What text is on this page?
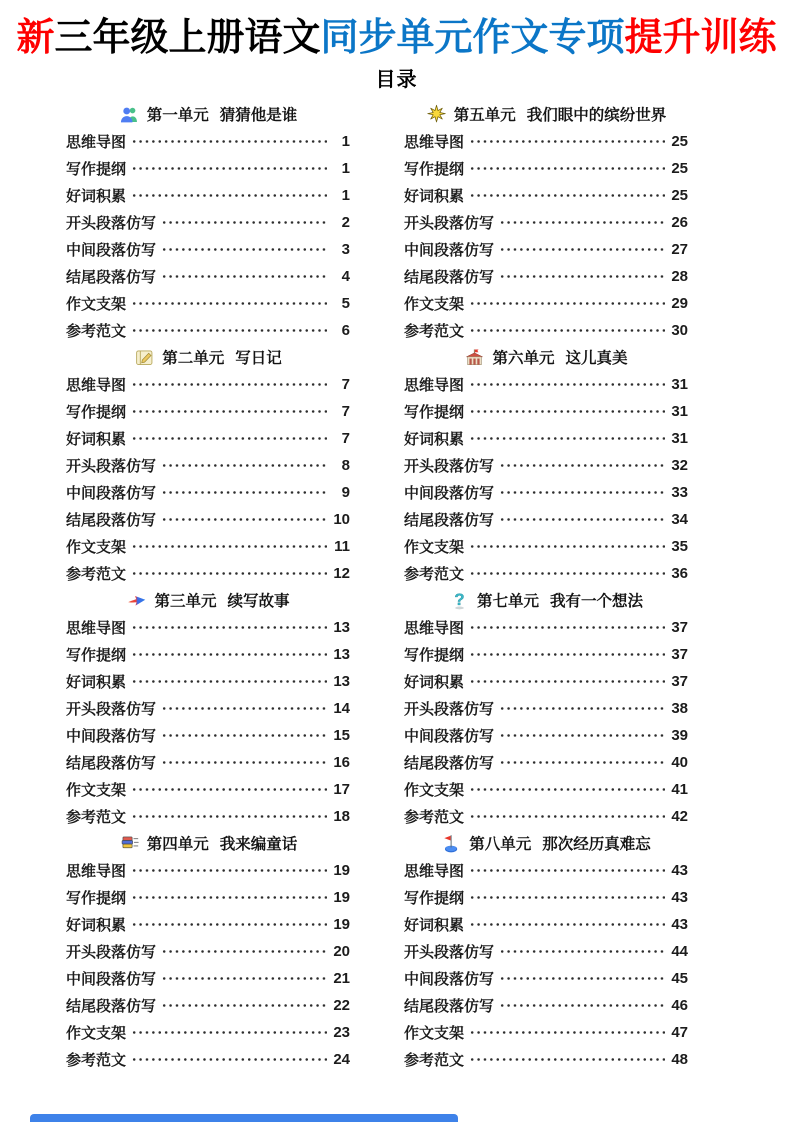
新三年级上册语文同步单元作文专项提升训练
目录
第一单元 猜猜他是谁
思维导图	1
写作提纲	1
好词积累	1
开头段落仿写	2
中间段落仿写	3
结尾段落仿写	4
作文支架	5
参考范文	6
第二单元 写日记
思维导图	7
写作提纲	7
好词积累	7
开头段落仿写	8
中间段落仿写	9
结尾段落仿写	10
作文支架	11
参考范文	12
第三单元 续写故事
思维导图	13
写作提纲	13
好词积累	13
开头段落仿写	14
中间段落仿写	15
结尾段落仿写	16
作文支架	17
参考范文	18
第四单元 我来编童话
思维导图	19
写作提纲	19
好词积累	19
开头段落仿写	20
中间段落仿写	21
结尾段落仿写	22
作文支架	23
参考范文	24
第五单元 我们眼中的缤纷世界
思维导图	25
写作提纲	25
好词积累	25
开头段落仿写	26
中间段落仿写	27
结尾段落仿写	28
作文支架	29
参考范文	30
第六单元 这儿真美
思维导图	31
写作提纲	31
好词积累	31
开头段落仿写	32
中间段落仿写	33
结尾段落仿写	34
作文支架	35
参考范文	36
? 第七单元 我有一个想法
思维导图	37
写作提纲	37
好词积累	37
开头段落仿写	38
中间段落仿写	39
结尾段落仿写	40
作文支架	41
参考范文	42
第八单元 那次经历真难忘
思维导图	43
写作提纲	43
好词积累	43
开头段落仿写	44
中间段落仿写	45
结尾段落仿写	46
作文支架	47
参考范文	48
